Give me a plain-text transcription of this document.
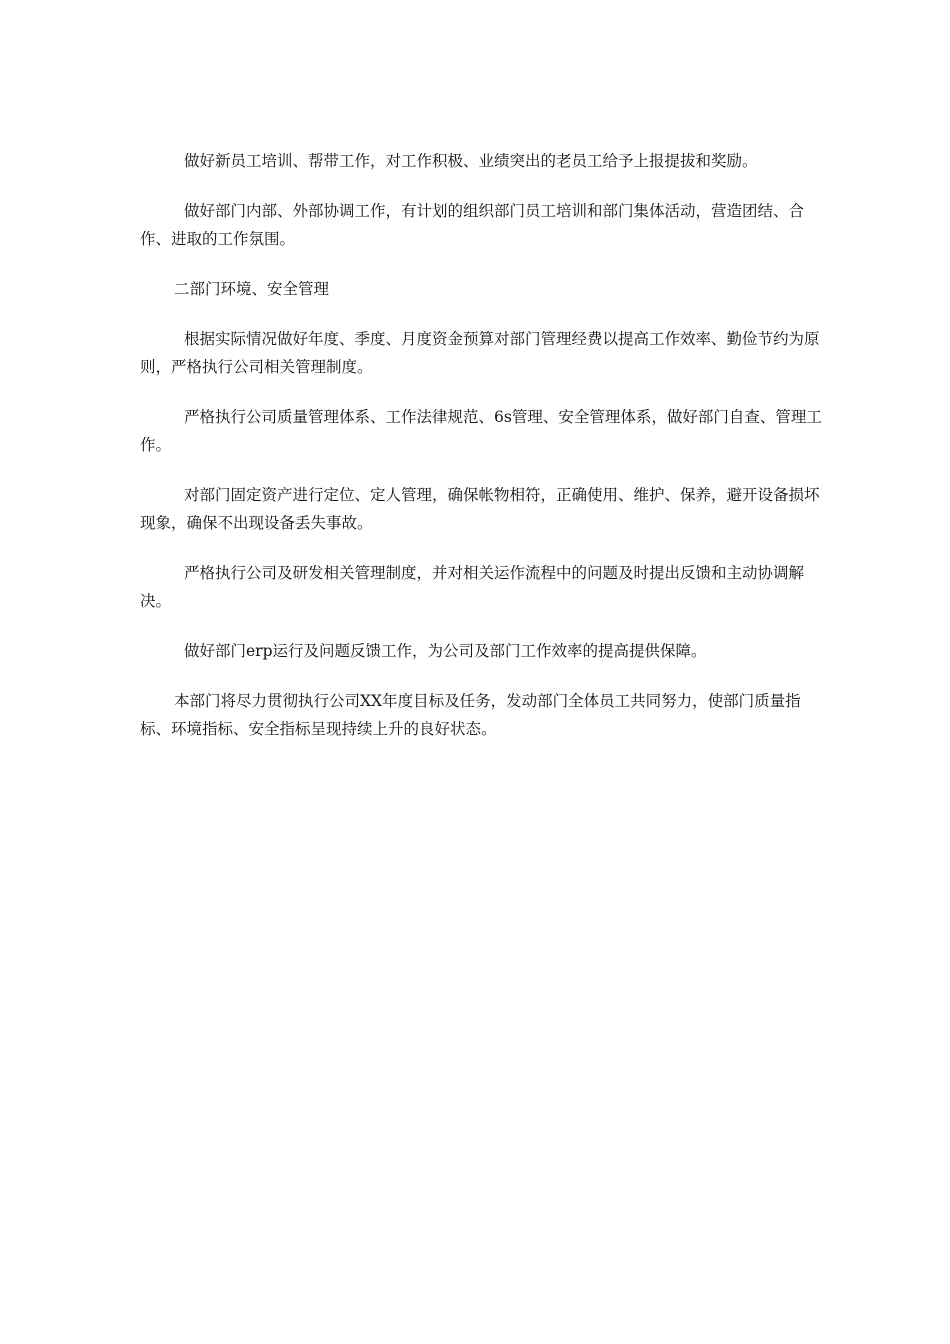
做好新员工培训、帮带工作，对工作积极、业绩突出的老员工给予上报提拔和奖励。

做好部门内部、外部协调工作，有计划的组织部门员工培训和部门集体活动，营造团结、合作、进取的工作氛围。

二部门环境、安全管理

根据实际情况做好年度、季度、月度资金预算对部门管理经费以提高工作效率、勤俭节约为原则，严格执行公司相关管理制度。

严格执行公司质量管理体系、工作法律规范、6s管理、安全管理体系，做好部门自查、管理工作。

对部门固定资产进行定位、定人管理，确保帐物相符，正确使用、维护、保养，避开设备损坏现象，确保不出现设备丢失事故。

严格执行公司及研发相关管理制度，并对相关运作流程中的问题及时提出反馈和主动协调解决。

做好部门erp运行及问题反馈工作，为公司及部门工作效率的提高提供保障。

本部门将尽力贯彻执行公司XX年度目标及任务，发动部门全体员工共同努力，使部门质量指标、环境指标、安全指标呈现持续上升的良好状态。
